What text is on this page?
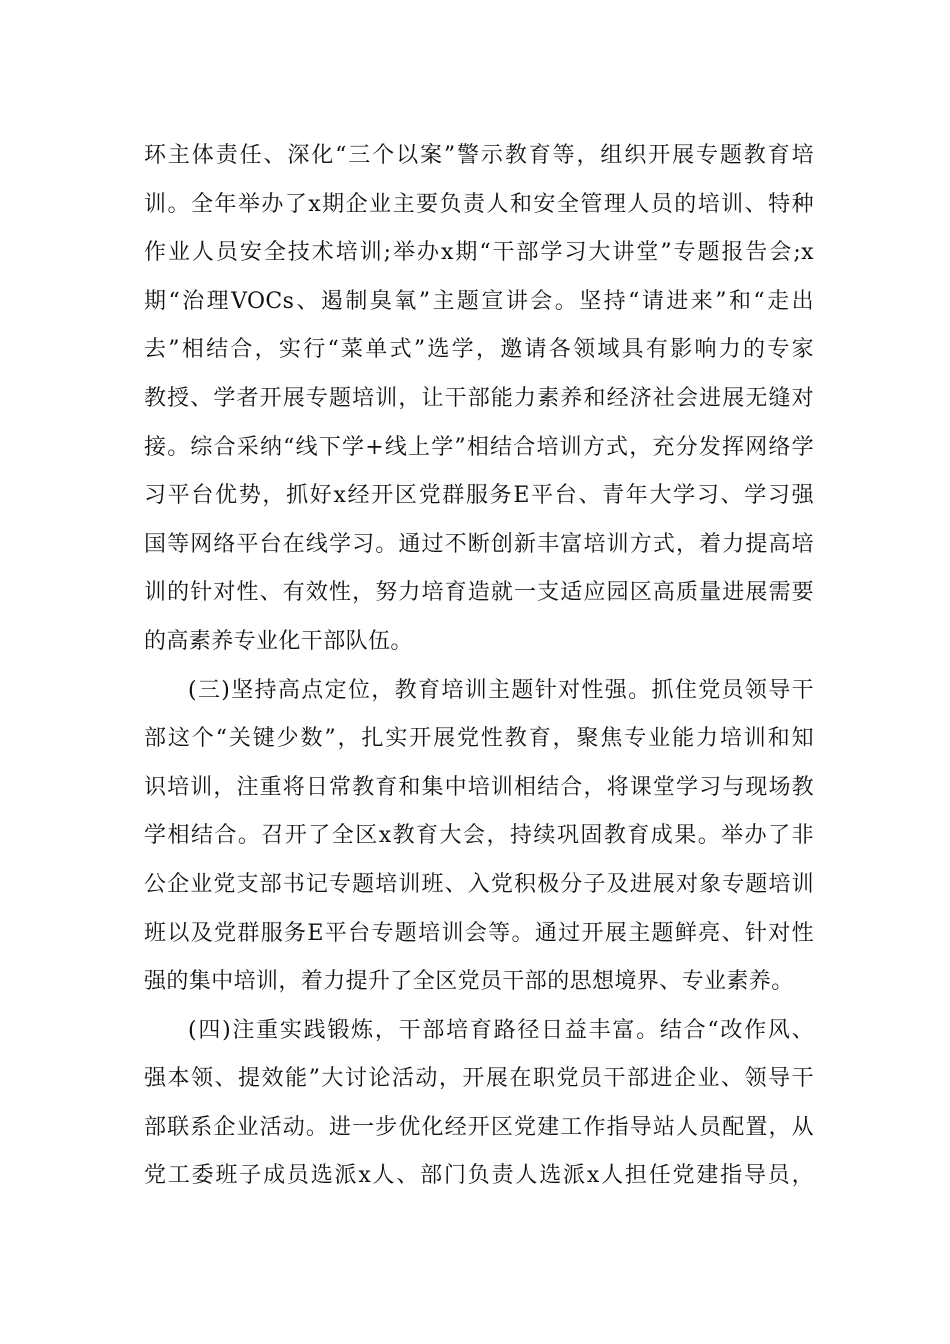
环主体责任、深化“三个以案”警示教育等，组织开展专题教育培
训。全年举办了x期企业主要负责人和安全管理人员的培训、特种
作业人员安全技术培训;举办x期“干部学习大讲堂”专题报告会;x
期“治理VOCs、遏制臭氧”主题宣讲会。坚持“请进来”和“走出
去”相结合，实行“菜单式”选学，邀请各领域具有影响力的专家
教授、学者开展专题培训，让干部能力素养和经济社会进展无缝对
接。综合采纳“线下学+线上学”相结合培训方式，充分发挥网络学
习平台优势，抓好x经开区党群服务E平台、青年大学习、学习强
国等网络平台在线学习。通过不断创新丰富培训方式，着力提高培
训的针对性、有效性，努力培育造就一支适应园区高质量进展需要
的高素养专业化干部队伍。
(三)坚持高点定位，教育培训主题针对性强。抓住党员领导干
部这个“关键少数”，扎实开展党性教育，聚焦专业能力培训和知
识培训，注重将日常教育和集中培训相结合，将课堂学习与现场教
学相结合。召开了全区x教育大会，持续巩固教育成果。举办了非
公企业党支部书记专题培训班、入党积极分子及进展对象专题培训
班以及党群服务E平台专题培训会等。通过开展主题鲜亮、针对性
强的集中培训，着力提升了全区党员干部的思想境界、专业素养。
(四)注重实践锻炼，干部培育路径日益丰富。结合“改作风、
强本领、提效能”大讨论活动，开展在职党员干部进企业、领导干
部联系企业活动。进一步优化经开区党建工作指导站人员配置，从
党工委班子成员选派x人、部门负责人选派x人担任党建指导员，
